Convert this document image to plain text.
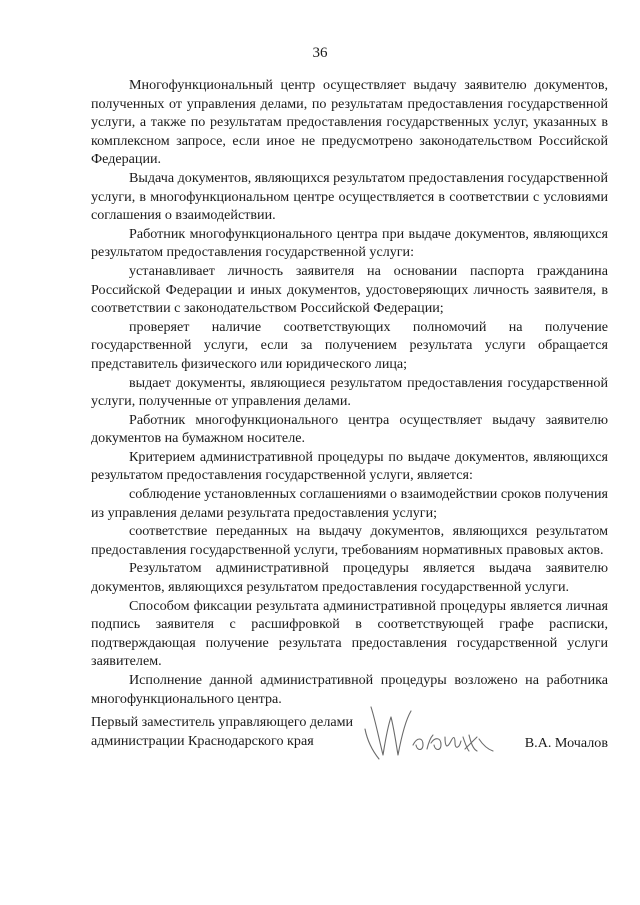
36

Многофункциональный центр осуществляет выдачу заявителю документов, полученных от управления делами, по результатам предоставления государственной услуги, а также по результатам предоставления государственных услуг, указанных в комплексном запросе, если иное не предусмотрено законодательством Российской Федерации.

Выдача документов, являющихся результатом предоставления государственной услуги, в многофункциональном центре осуществляется в соответствии с условиями соглашения о взаимодействии.

Работник многофункционального центра при выдаче документов, являющихся результатом предоставления государственной услуги:

устанавливает личность заявителя на основании паспорта гражданина Российской Федерации и иных документов, удостоверяющих личность заявителя, в соответствии с законодательством Российской Федерации;

проверяет наличие соответствующих полномочий на получение государственной услуги, если за получением результата услуги обращается представитель физического или юридического лица;

выдает документы, являющиеся результатом предоставления государственной услуги, полученные от управления делами.

Работник многофункционального центра осуществляет выдачу заявителю документов на бумажном носителе.

Критерием административной процедуры по выдаче документов, являющихся результатом предоставления государственной услуги, является:

соблюдение установленных соглашениями о взаимодействии сроков получения из управления делами результата предоставления услуги;

соответствие переданных на выдачу документов, являющихся результатом предоставления государственной услуги, требованиям нормативных правовых актов.

Результатом административной процедуры является выдача заявителю документов, являющихся результатом предоставления государственной услуги.

Способом фиксации результата административной процедуры является личная подпись заявителя с расшифровкой в соответствующей графе расписки, подтверждающая получение результата предоставления государственной услуги заявителем.

Исполнение данной административной процедуры возложено на работника многофункционального центра.

Первый заместитель управляющего делами
администрации Краснодарского края	В.А. Мочалов
